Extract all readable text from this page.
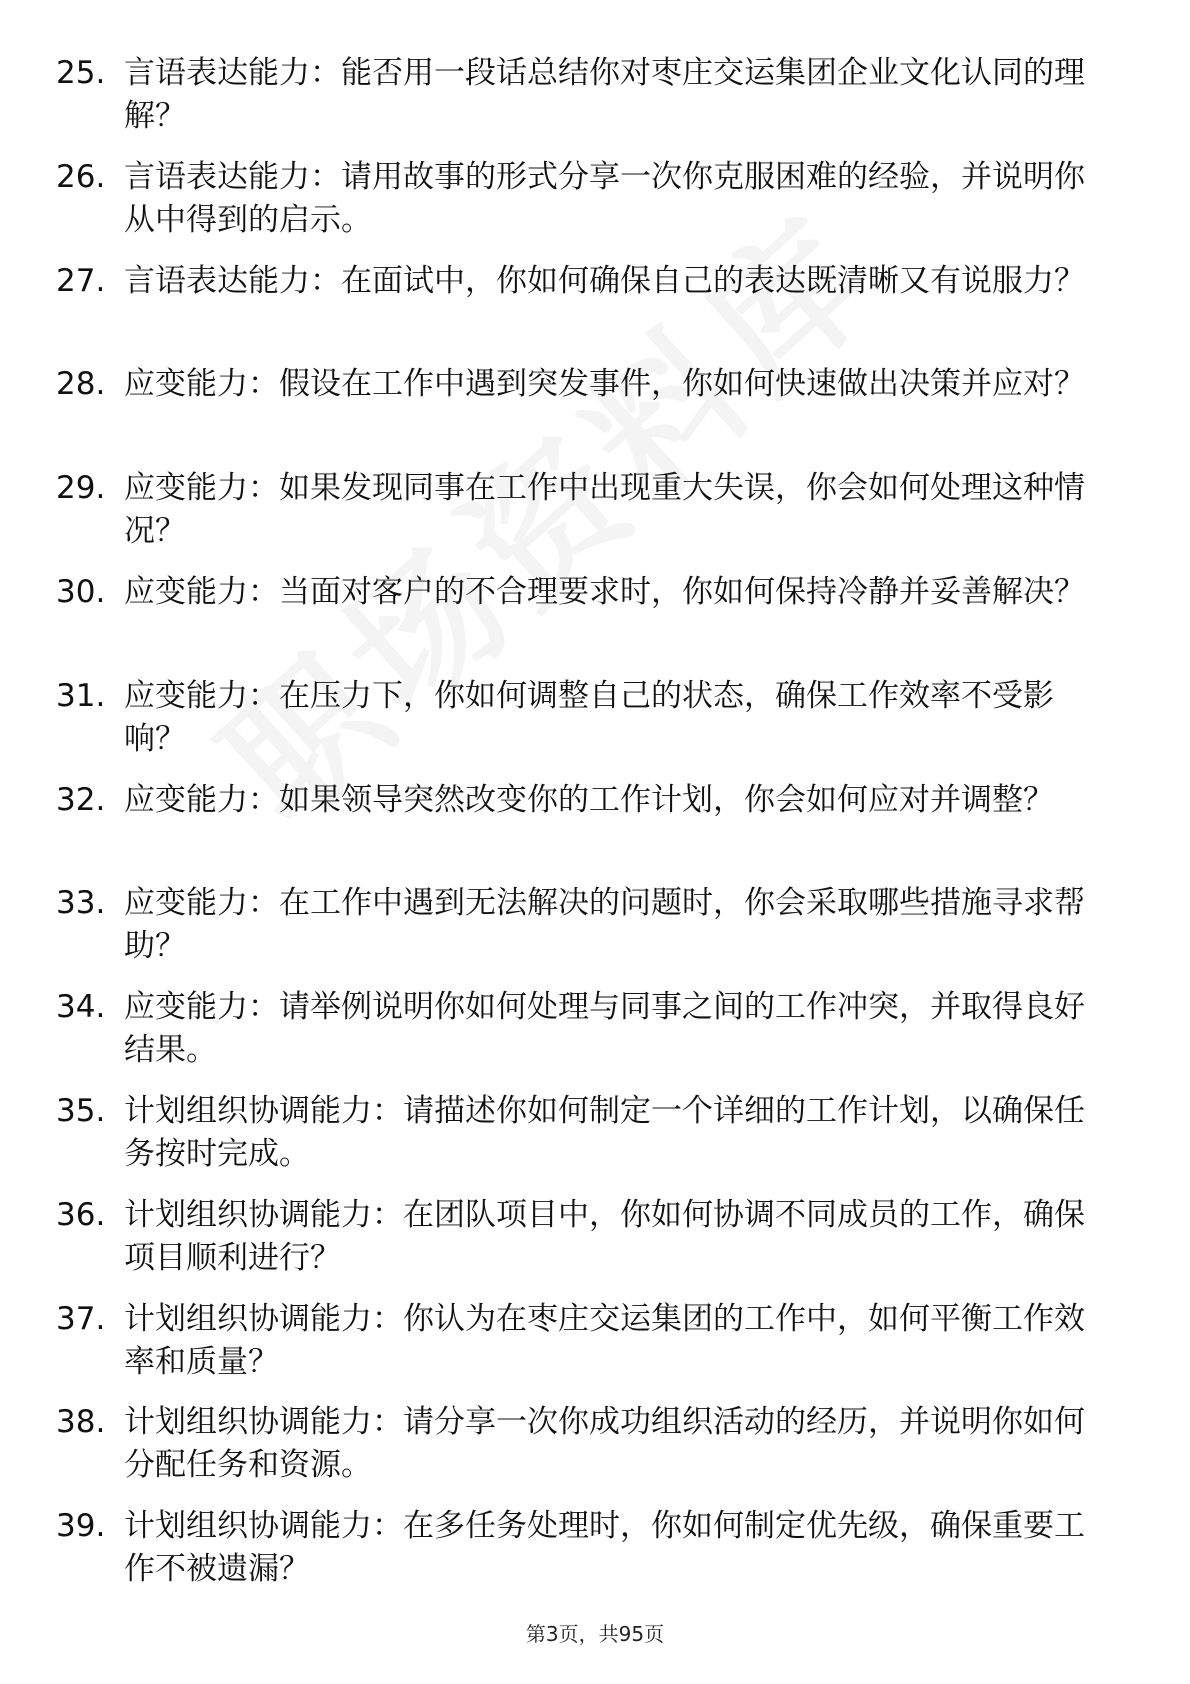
25. 言语表达能力：能否用一段话总结你对枣庄交运集团企业文化认同的理解？
26. 言语表达能力：请用故事的形式分享一次你克服困难的经验，并说明你从中得到的启示。
27. 言语表达能力：在面试中，你如何确保自己的表达既清晰又有说服力？
28. 应变能力：假设在工作中遇到突发事件，你如何快速做出决策并应对？
29. 应变能力：如果发现同事在工作中出现重大失误，你会如何处理这种情况？
30. 应变能力：当面对客户的不合理要求时，你如何保持冷静并妥善解决？
31. 应变能力：在压力下，你如何调整自己的状态，确保工作效率不受影响？
32. 应变能力：如果领导突然改变你的工作计划，你会如何应对并调整？
33. 应变能力：在工作中遇到无法解决的问题时，你会采取哪些措施寻求帮助？
34. 应变能力：请举例说明你如何处理与同事之间的工作冲突，并取得良好结果。
35. 计划组织协调能力：请描述你如何制定一个详细的工作计划，以确保任务按时完成。
36. 计划组织协调能力：在团队项目中，你如何协调不同成员的工作，确保项目顺利进行？
37. 计划组织协调能力：你认为在枣庄交运集团的工作中，如何平衡工作效率和质量？
38. 计划组织协调能力：请分享一次你成功组织活动的经历，并说明你如何分配任务和资源。
39. 计划组织协调能力：在多任务处理时，你如何制定优先级，确保重要工作不被遗漏？
第3页，共95页
